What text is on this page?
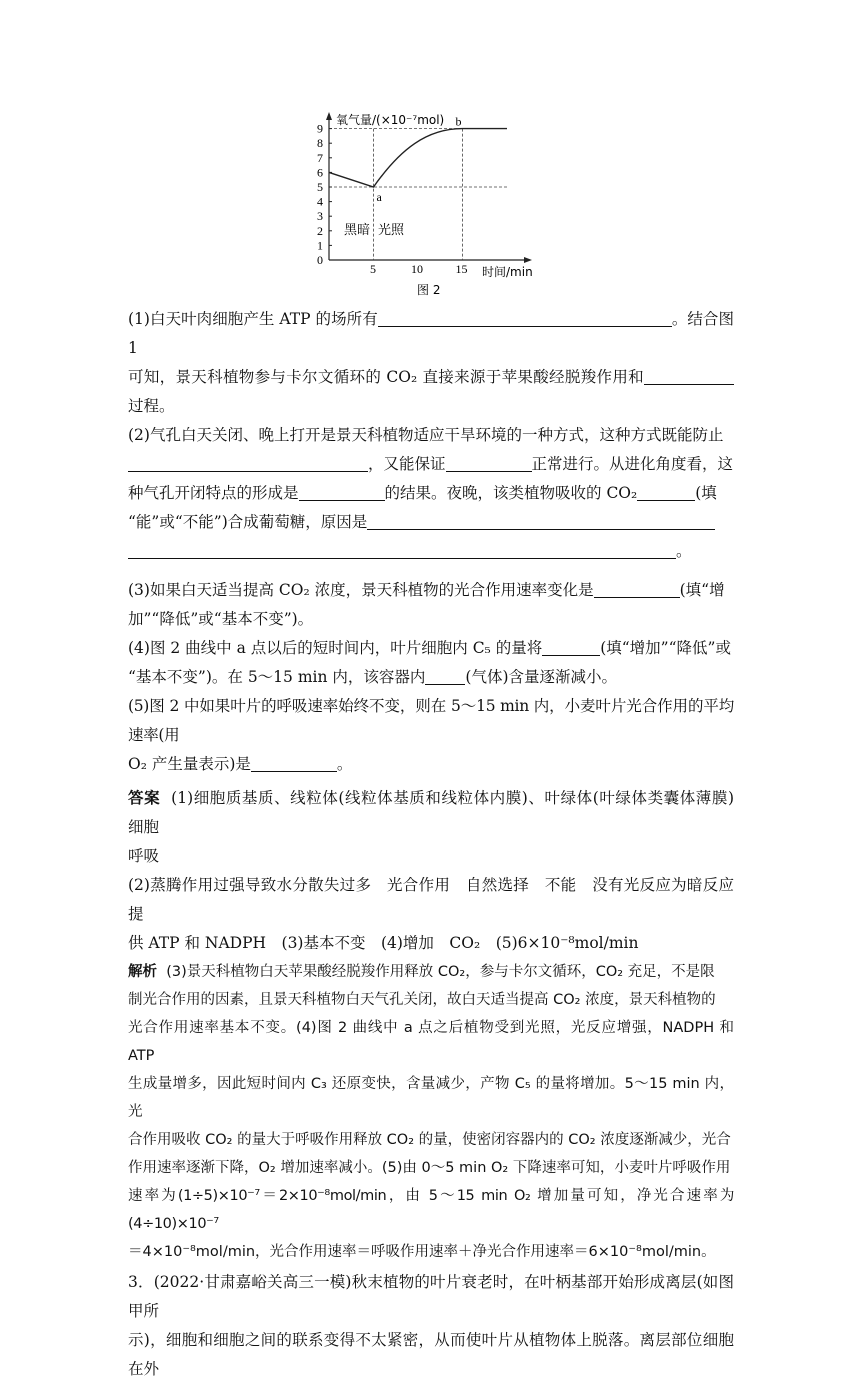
0
1
2
3
4
5
6
7
8
9
5	10	15
a
b
黑暗 光照
氧气量/(×10⁻⁷mol)
时间/min
图 2

(1)白天叶肉细胞产生 ATP 的场所有	。结合图 1

可知，景天科植物参与卡尔文循环的 CO₂ 直接来源于苹果酸经脱羧作用和过程。

(2)气孔白天关闭、晚上打开是景天科植物适应干旱环境的一种方式，这种方式既能防止

，又能保证	正常进行。从进化角度看，这

种气孔开闭特点的形成是	的结果。夜晚，该类植物吸收的 CO₂	(填

“能”或“不能”)合成葡萄糖，原因是

。

(3)如果白天适当提高 CO₂ 浓度，景天科植物的光合作用速率变化是	(填“增

加”“降低”或“基本不变”)。

(4)图 2 曲线中 a 点以后的短时间内，叶片细胞内 C₅ 的量将	(填“增加”“降低”或

“基本不变”)。在 5～15 min 内，该容器内	(气体)含量逐渐减小。

(5)图 2 中如果叶片的呼吸速率始终不变，则在 5～15 min 内，小麦叶片光合作用的平均速率(用

O₂ 产生量表示)是	。

答案 (1)细胞质基质、线粒体(线粒体基质和线粒体内膜)、叶绿体(叶绿体类囊体薄膜)　细胞

呼吸

(2)蒸腾作用过强导致水分散失过多　光合作用　自然选择　不能　没有光反应为暗反应提

供 ATP 和 NADPH　(3)基本不变　(4)增加　CO₂　(5)6×10⁻⁸mol/min

解析 (3)景天科植物白天苹果酸经脱羧作用释放 CO₂，参与卡尔文循环，CO₂ 充足，不是限

制光合作用的因素，且景天科植物白天气孔关闭，故白天适当提高 CO₂ 浓度，景天科植物的

光合作用速率基本不变。(4)图 2 曲线中 a 点之后植物受到光照，光反应增强，NADPH 和 ATP

生成量增多，因此短时间内 C₃ 还原变快，含量减少，产物 C₅ 的量将增加。5～15 min 内，光

合作用吸收 CO₂ 的量大于呼吸作用释放 CO₂ 的量，使密闭容器内的 CO₂ 浓度逐渐减少，光合

作用速率逐渐下降，O₂ 增加速率减小。(5)由 0～5 min O₂ 下降速率可知，小麦叶片呼吸作用

速率为(1÷5)×10⁻⁷＝2×10⁻⁸mol/min，由 5～15 min O₂ 增加量可知，净光合速率为(4÷10)×10⁻⁷

＝4×10⁻⁸mol/min，光合作用速率＝呼吸作用速率＋净光合作用速率＝6×10⁻⁸mol/min。

3．(2022·甘肃嘉峪关高三一模)秋末植物的叶片衰老时，在叶柄基部开始形成离层(如图甲所

示)，细胞和细胞之间的联系变得不太紧密，从而使叶片从植物体上脱落。离层部位细胞在外
